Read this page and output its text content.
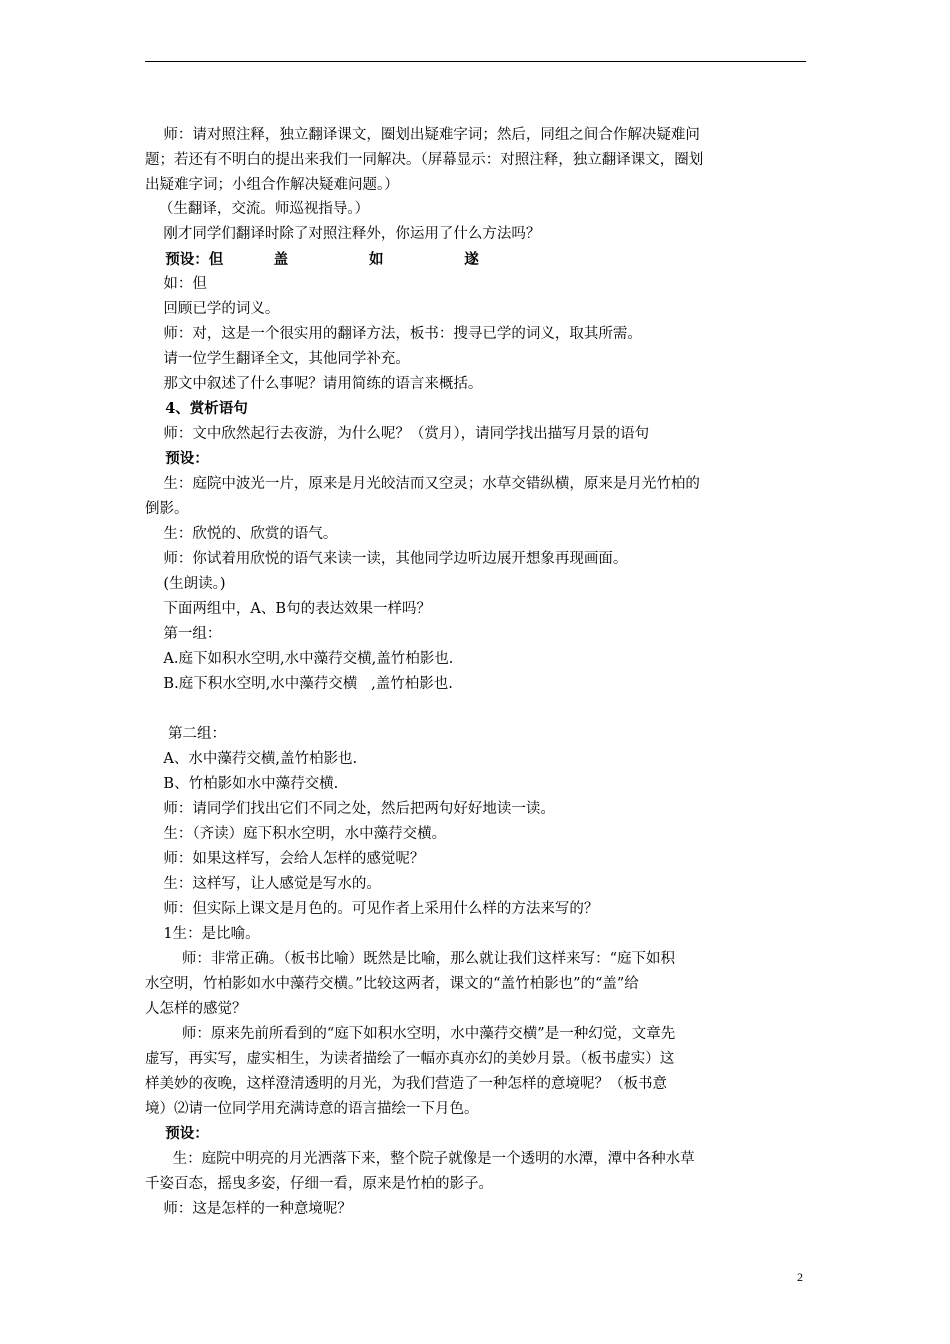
师：请对照注释，独立翻译课文，圈划出疑难字词；然后，同组之间合作解决疑难问
题；若还有不明白的提出来我们一同解决。（屏幕显示：对照注释，独立翻译课文，圈划
出疑难字词；小组合作解决疑难问题。）
（生翻译，交流。师巡视指导。）
刚才同学们翻译时除了对照注释外，你运用了什么方法吗？
预设：但          盖                如                遂
如：但
回顾已学的词义。
师：对，这是一个很实用的翻译方法，板书：搜寻已学的词义，取其所需。
请一位学生翻译全文，其他同学补充。
那文中叙述了什么事呢？请用简练的语言来概括。
4、赏析语句
师：文中欣然起行去夜游，为什么呢？（赏月），请同学找出描写月景的语句
预设：
生：庭院中波光一片，原来是月光皎洁而又空灵；水草交错纵横，原来是月光竹柏的
倒影。
生：欣悦的、欣赏的语气。
师：你试着用欣悦的语气来读一读，其他同学边听边展开想象再现画面。
(生朗读。)
下面两组中，A、B句的表达效果一样吗？
第一组：
A.庭下如积水空明,水中藻荇交横,盖竹柏影也.
B.庭下积水空明,水中藻荇交横   ,盖竹柏影也.
第二组：
A、水中藻荇交横,盖竹柏影也.
B、竹柏影如水中藻荇交横.
师：请同学们找出它们不同之处，然后把两句好好地读一读。
生：（齐读）庭下积水空明，水中藻荇交横。
师：如果这样写，会给人怎样的感觉呢？
生：这样写，让人感觉是写水的。
师：但实际上课文是月色的。可见作者上采用什么样的方法来写的？
1生：是比喻。
师：非常正确。（板书比喻）既然是比喻，那么就让我们这样来写：“庭下如积
水空明，竹柏影如水中藻荇交横。”比较这两者，课文的“盖竹柏影也”的“盖”给
人怎样的感觉？
师：原来先前所看到的“庭下如积水空明，水中藻荇交横”是一种幻觉，文章先
虚写，再实写，虚实相生，为读者描绘了一幅亦真亦幻的美妙月景。（板书虚实）这
样美妙的夜晚，这样澄清透明的月光，为我们营造了一种怎样的意境呢？（板书意
境）⑵请一位同学用充满诗意的语言描绘一下月色。
预设：
生：庭院中明亮的月光洒落下来，整个院子就像是一个透明的水潭，潭中各种水草
千姿百态，摇曳多姿，仔细一看，原来是竹柏的影子。
师：这是怎样的一种意境呢？
2
